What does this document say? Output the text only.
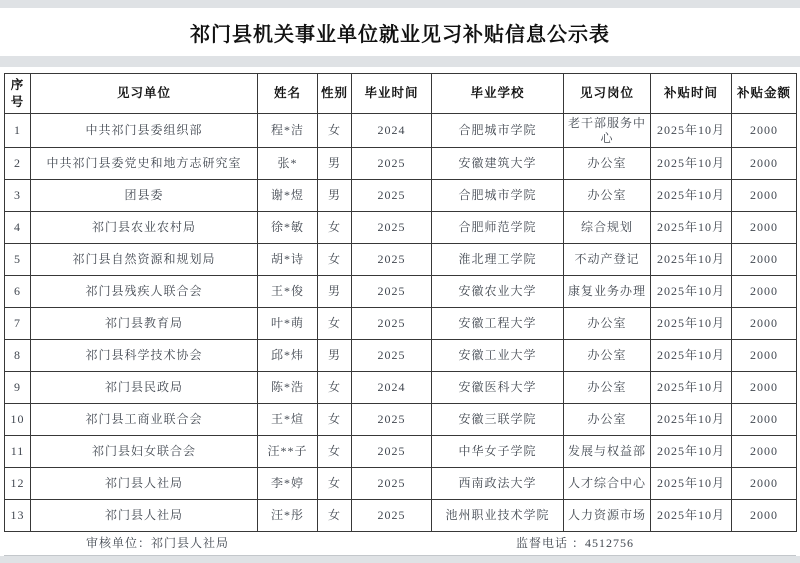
祁门县机关事业单位就业见习补贴信息公示表
序号	见习单位	姓名	性别	毕业时间	毕业学校	见习岗位	补贴时间	补贴金额
1	中共祁门县委组织部	程*洁	女	2024	合肥城市学院	老干部服务中心	2025年10月	2000
2	中共祁门县委党史和地方志研究室	张*	男	2025	安徽建筑大学	办公室	2025年10月	2000
3	团县委	谢*煜	男	2025	合肥城市学院	办公室	2025年10月	2000
4	祁门县农业农村局	徐*敏	女	2025	合肥师范学院	综合规划	2025年10月	2000
5	祁门县自然资源和规划局	胡*诗	女	2025	淮北理工学院	不动产登记	2025年10月	2000
6	祁门县残疾人联合会	王*俊	男	2025	安徽农业大学	康复业务办理	2025年10月	2000
7	祁门县教育局	叶*萌	女	2025	安徽工程大学	办公室	2025年10月	2000
8	祁门县科学技术协会	邱*炜	男	2025	安徽工业大学	办公室	2025年10月	2000
9	祁门县民政局	陈*浩	女	2024	安徽医科大学	办公室	2025年10月	2000
10	祁门县工商业联合会	王*煊	女	2025	安徽三联学院	办公室	2025年10月	2000
11	祁门县妇女联合会	汪**子	女	2025	中华女子学院	发展与权益部	2025年10月	2000
12	祁门县人社局	李*婷	女	2025	西南政法大学	人才综合中心	2025年10月	2000
13	祁门县人社局	汪*彤	女	2025	池州职业技术学院	人力资源市场	2025年10月	2000
审核单位：祁门县人社局	监督电话 ：4512756
